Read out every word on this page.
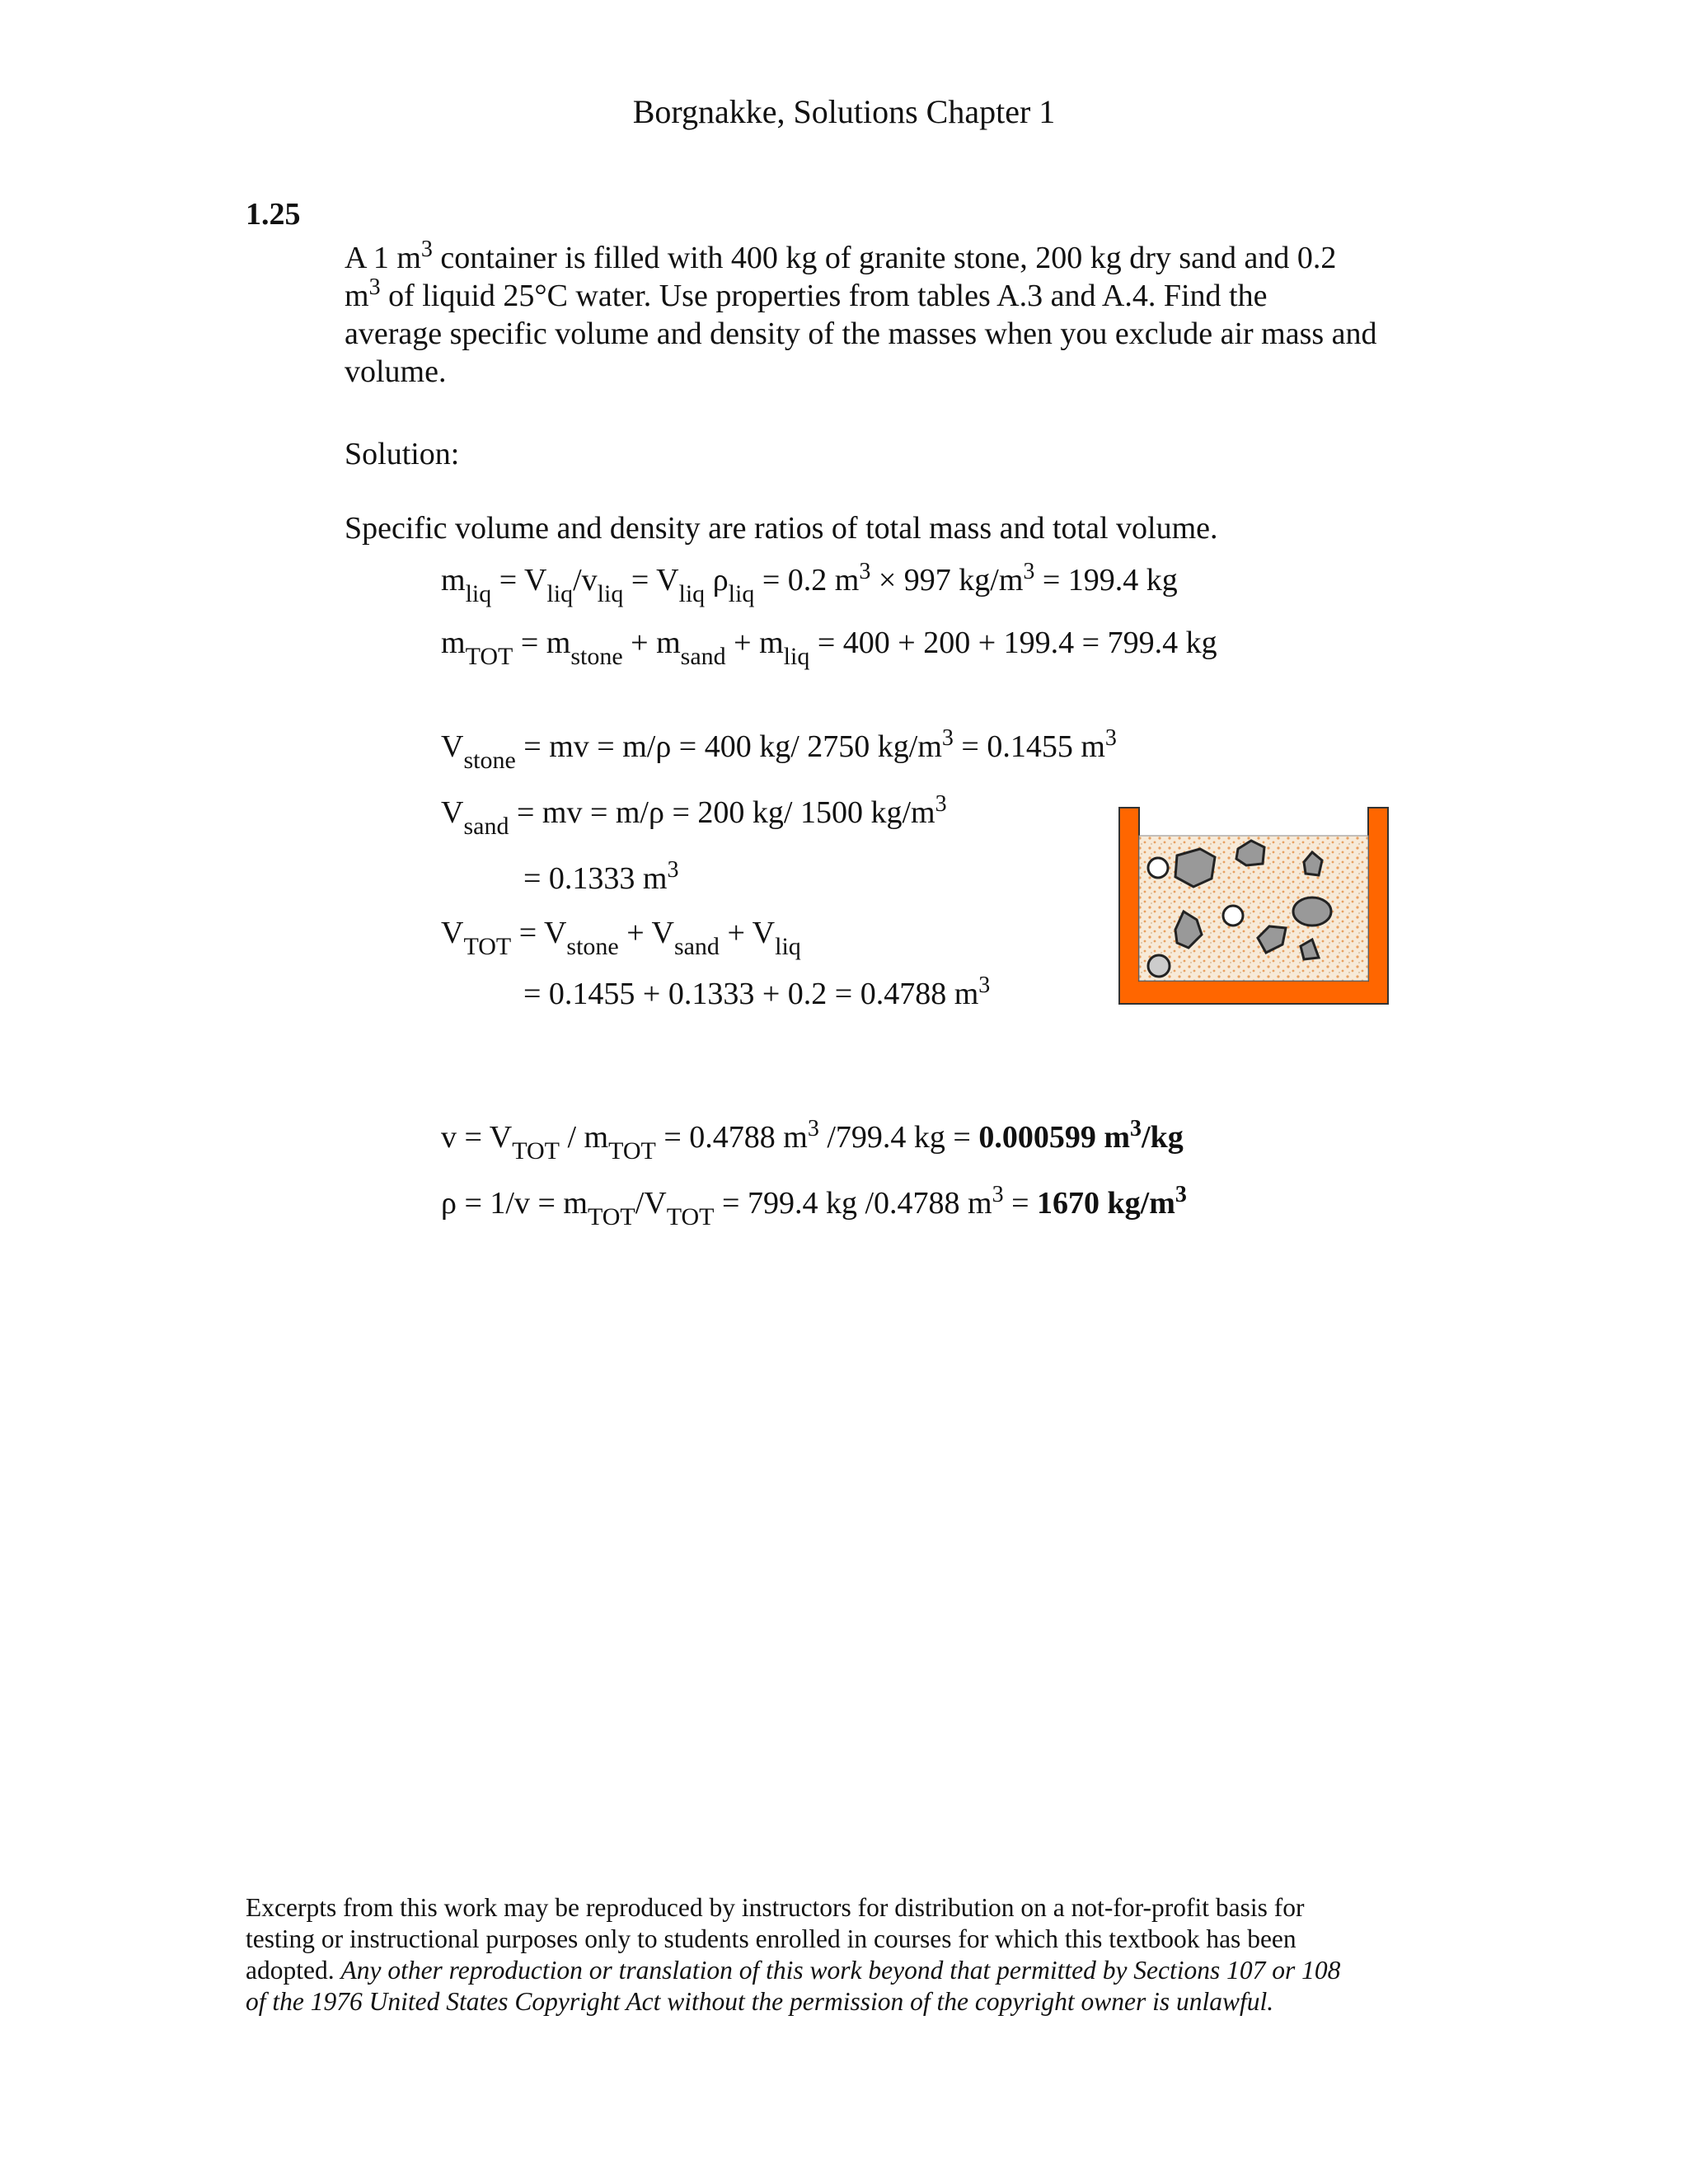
Borgnakke, Solutions Chapter 1
1.25
A 1 $m^3$ container is filled with 400 kg of granite stone, 200 kg dry sand and 0.2
$m^3$ of liquid 25°C water. Use properties from tables A.3 and A.4. Find the
average specific volume and density of the masses when you exclude air mass and
volume.
Solution:
Specific volume and density are ratios of total mass and total volume.
$m_{liq} = V_{liq}/v_{liq} = V_{liq}$ $\rho_{liq} = 0.2$ $m^3 \times 997$ $kg/m^3 = 199.4$ kg
$m_{TOT} = m_{stone} + m_{sand} + m_{liq} = 400 + 200 + 199.4 = 799.4$ kg
$V_{stone}$ = mv = m/ρ = 400 kg/ 2750 $kg/m^3 = 0.1455$ $m^3$
$V_{sand}$ = mv = m/ρ = 200 kg/ 1500 $kg/m^3$
= 0.1333 $m^3$
$V_{TOT} = V_{stone} + V_{sand} + V_{liq}$
= 0.1455 + 0.1333 + 0.2 = 0.4788 $m^3$
$v = V_{TOT} / m_{TOT} = 0.4788$ $m^3$ /799.4 kg = 0.000599 $m^3/kg$
$\rho = 1/v = m_{TOT}/V_{TOT} = 799.4$ kg /0.4788 $m^3 = 1670$ $kg/m^3$
Excerpts from this work may be reproduced by instructors for distribution on a not-for-profit basis for
testing or instructional purposes only to students enrolled in courses for which this textbook has been
adopted. Any other reproduction or translation of this work beyond that permitted by Sections 107 or 108
of the 1976 United States Copyright Act without the permission of the copyright owner is unlawful.
